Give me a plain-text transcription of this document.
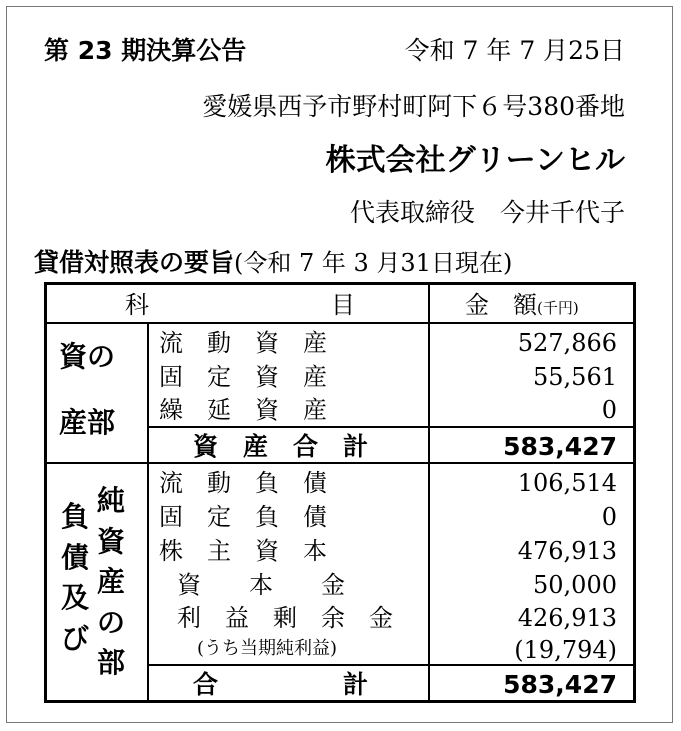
第 23 期決算公告	令和 7 年 7 月25日
愛媛県西予市野村町阿下６号380番地
株式会社グリーンヒル
代表取締役　今井千代子
貸借対照表の要旨(令和 7 年 3 月31日現在)
科	目	金　額(千円)
資の
産部
流　動　資　産	527,866
固　定　資　産	55,561
繰　延　資　産	0
資　産　合　計	583,427
負
債
及
び
純
資
産
の
部
流　動　負　債	106,514
固　定　負　債	0
株　主　資　本	476,913
資　　本　　金	50,000
利　益　剰　余　金	426,913
(うち当期純利益)	(19,794)
合　　　　　計	583,427
